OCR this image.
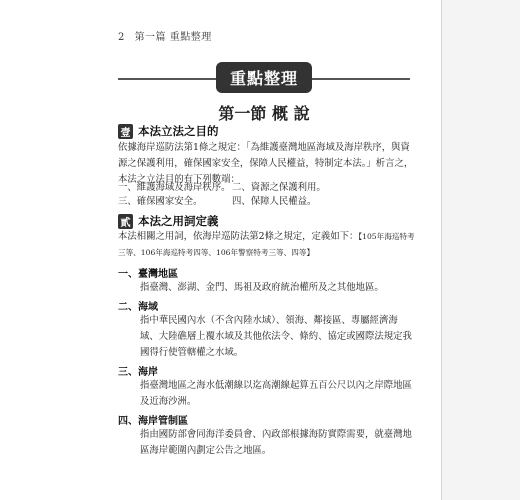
2 第一篇 重點整理
重點整理
第一節 概 說
壹 本法立法之目的
依據海岸巡防法第1條之規定：「為維護臺灣地區海域及海岸秩序，與資源之保護利用，確保國家安全，保障人民權益，特制定本法。」析言之，本法之立法目的有下列數端：
一、維護海域及海岸秩序。 二、資源之保護利用。
三、確保國家安全。	四、保障人民權益。
貳 本法之用詞定義
本法相關之用詞，依海岸巡防法第2條之規定，定義如下：【105年海巡特考三等、106年海巡特考四等、106年警察特考三等、四等】
一、臺灣地區
指臺灣、澎湖、金門、馬祖及政府統治權所及之其他地區。
二、海域
指中華民國內水（不含內陸水域）、領海、鄰接區、專屬經濟海域、大陸礁層上覆水域及其他依法令、條約、協定或國際法規定我國得行使管轄權之水域。
三、海岸
指臺灣地區之海水低潮線以迄高潮線起算五百公尺以內之岸際地區及近海沙洲。
四、海岸管制區
指由國防部會同海洋委員會、內政部根據海防實際需要，就臺灣地區海岸範圍內劃定公告之地區。
